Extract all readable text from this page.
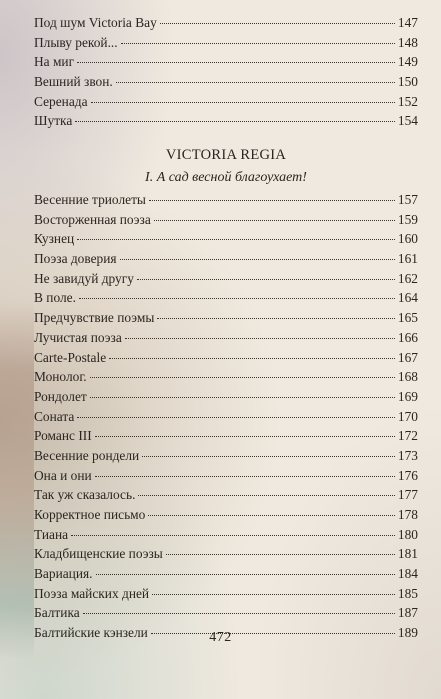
Под шум Victoria Bay	147
Плыву рекой...	148
На миг	149
Вешний звон.	150
Серенада	152
Шутка	154
VICTORIA REGIA
I. А сад весной благоухает!
Весенние триолеты	157
Восторженная поэза	159
Кузнец	160
Поэза доверия	161
Не завидуй другу	162
В поле.	164
Предчувствие поэмы	165
Лучистая поэза	166
Carte-Postale	167
Монолог.	168
Рондолет	169
Соната	170
Романс III	172
Весенние рондели	173
Она и они	176
Так уж сказалось.	177
Корректное письмо	178
Тиана	180
Кладбищенские поэзы	181
Вариация.	184
Поэза майских дней	185
Балтика	187
Балтийские кэнзели	189
472
